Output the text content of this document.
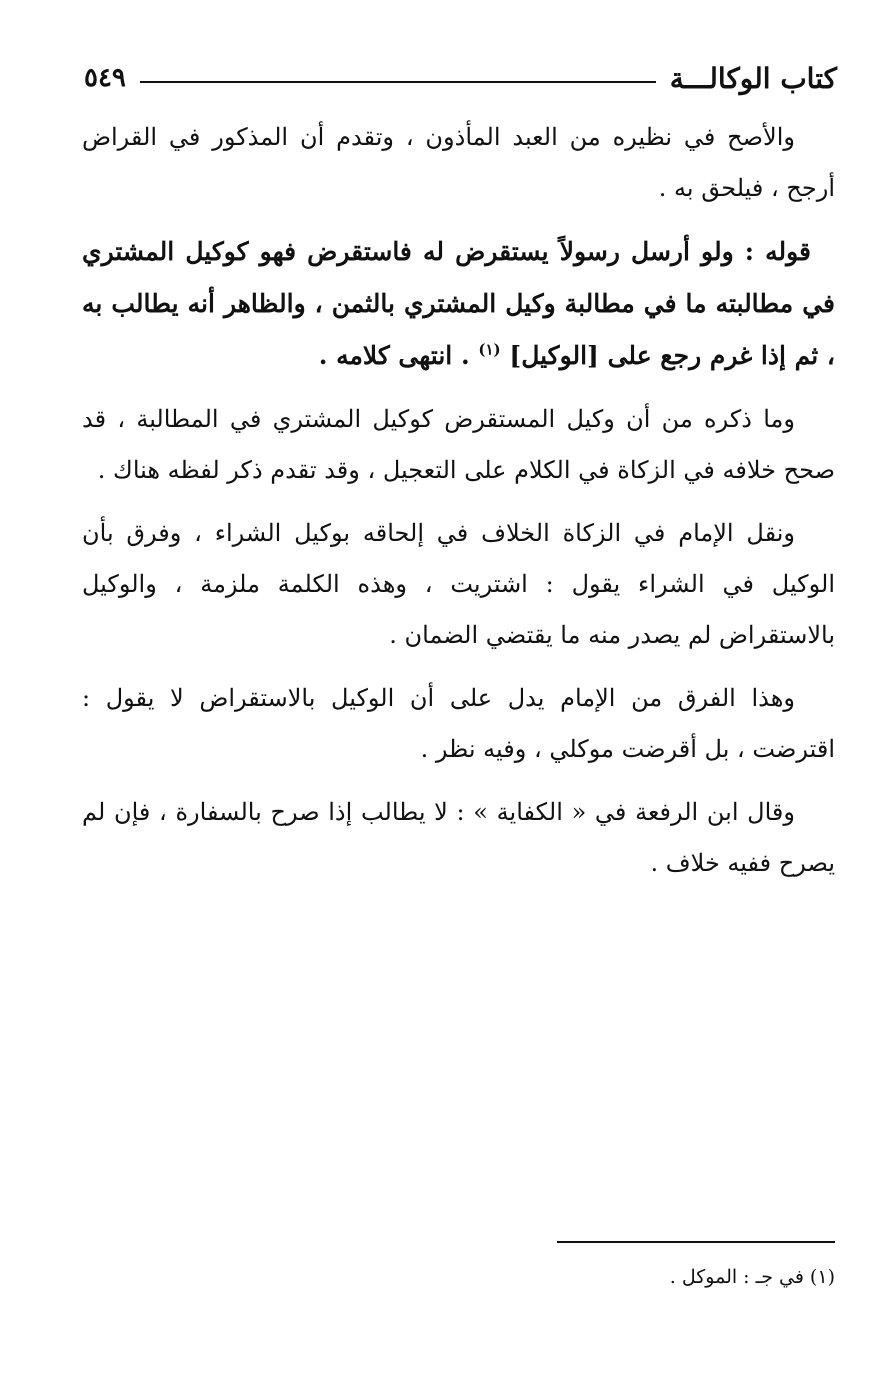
كتاب الوكالـــة
٥٤٩

والأصح في نظيره من العبد المأذون ، وتقدم أن المذكور في القراض أرجح ، فيلحق به .

قوله : ولو أرسل رسولاً يستقرض له فاستقرض فهو كوكيل المشتري في مطالبته ما في مطالبة وكيل المشتري بالثمن ، والظاهر أنه يطالب به ، ثم إذا غرم رجع على [الوكيل] $^{(١)}$ . انتهى كلامه .

وما ذكره من أن وكيل المستقرض كوكيل المشتري في المطالبة ، قد صحح خلافه في الزكاة في الكلام على التعجيل ، وقد تقدم ذكر لفظه هناك .

ونقل الإمام في الزكاة الخلاف في إلحاقه بوكيل الشراء ، وفرق بأن الوكيل في الشراء يقول : اشتريت ، وهذه الكلمة ملزمة ، والوكيل بالاستقراض لم يصدر منه ما يقتضي الضمان .

وهذا الفرق من الإمام يدل على أن الوكيل بالاستقراض لا يقول : اقترضت ، بل أقرضت موكلي ، وفيه نظر .

وقال ابن الرفعة في « الكفاية » : لا يطالب إذا صرح بالسفارة ، فإن لم يصرح ففيه خلاف .

(١) في جـ : الموكل .
